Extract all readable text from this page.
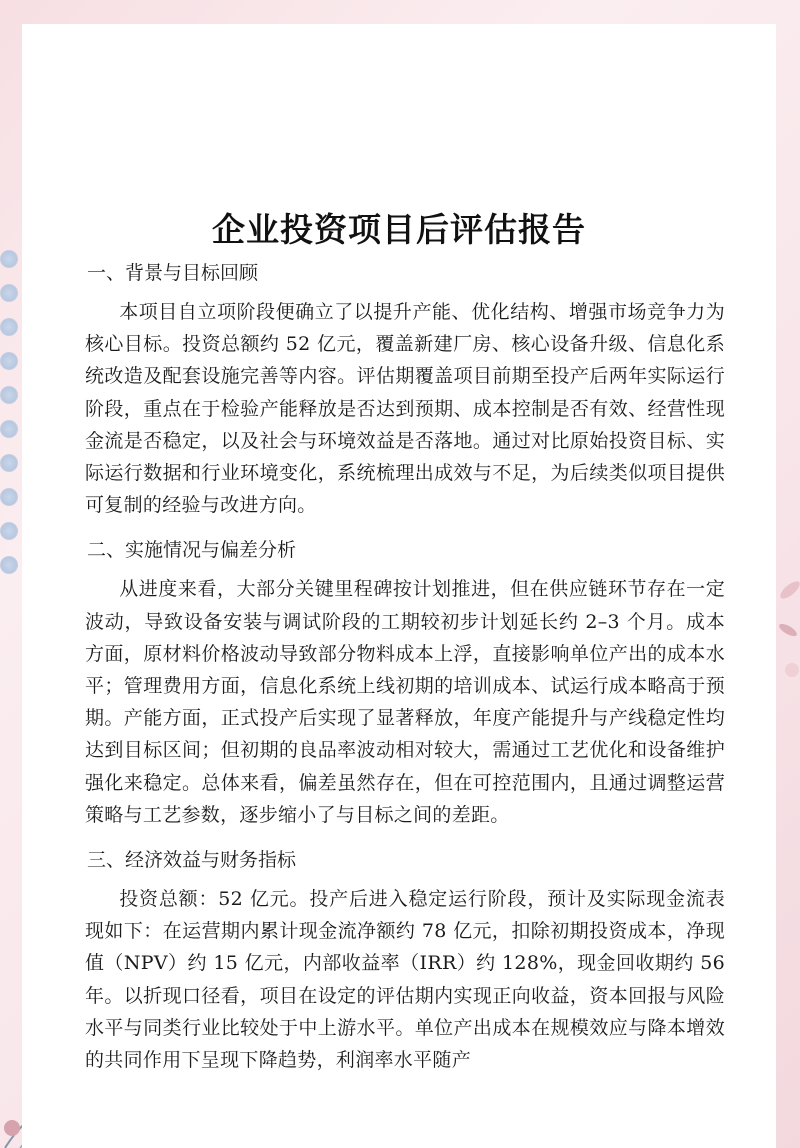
企业投资项目后评估报告
一、背景与目标回顾
本项目自立项阶段便确立了以提升产能、优化结构、增强市场竞争力为核心目标。投资总额约 52 亿元，覆盖新建厂房、核心设备升级、信息化系统改造及配套设施完善等内容。评估期覆盖项目前期至投产后两年实际运行阶段，重点在于检验产能释放是否达到预期、成本控制是否有效、经营性现金流是否稳定，以及社会与环境效益是否落地。通过对比原始投资目标、实际运行数据和行业环境变化，系统梳理出成效与不足，为后续类似项目提供可复制的经验与改进方向。
二、实施情况与偏差分析
从进度来看，大部分关键里程碑按计划推进，但在供应链环节存在一定波动，导致设备安装与调试阶段的工期较初步计划延长约 2–3 个月。成本方面，原材料价格波动导致部分物料成本上浮，直接影响单位产出的成本水平；管理费用方面，信息化系统上线初期的培训成本、试运行成本略高于预期。产能方面，正式投产后实现了显著释放，年度产能提升与产线稳定性均达到目标区间；但初期的良品率波动相对较大，需通过工艺优化和设备维护强化来稳定。总体来看，偏差虽然存在，但在可控范围内，且通过调整运营策略与工艺参数，逐步缩小了与目标之间的差距。
三、经济效益与财务指标
投资总额：52 亿元。投产后进入稳定运行阶段，预计及实际现金流表现如下：在运营期内累计现金流净额约 78 亿元，扣除初期投资成本，净现值（NPV）约 15 亿元，内部收益率（IRR）约 128%，现金回收期约 56 年。以折现口径看，项目在设定的评估期内实现正向收益，资本回报与风险水平与同类行业比较处于中上游水平。单位产出成本在规模效应与降本增效的共同作用下呈现下降趋势，利润率水平随产
